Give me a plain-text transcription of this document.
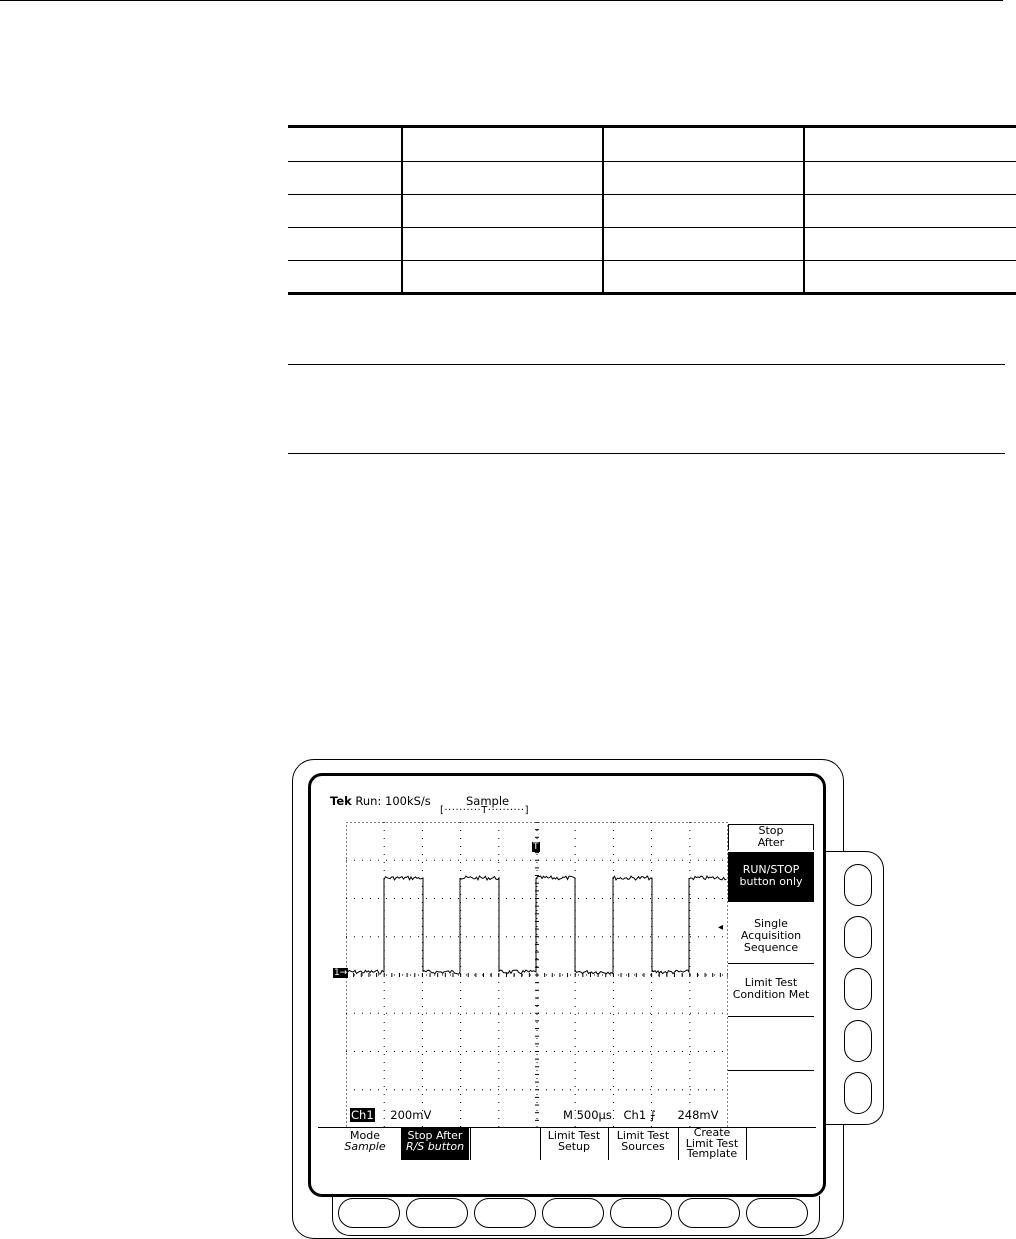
Tek Run: 100kS/s	Sample
[··········T··········]
T
1→
◂
Ch1 200mV	M 500µs Ch1 ⨍ 248mV
Stop
After
RUN/STOP
button only
Single
Acquisition
Sequence
Limit Test
Condition Met
Mode
Sample
Stop After
R/S button
Limit Test
Setup
Limit Test
Sources
Create
Limit Test
Template
